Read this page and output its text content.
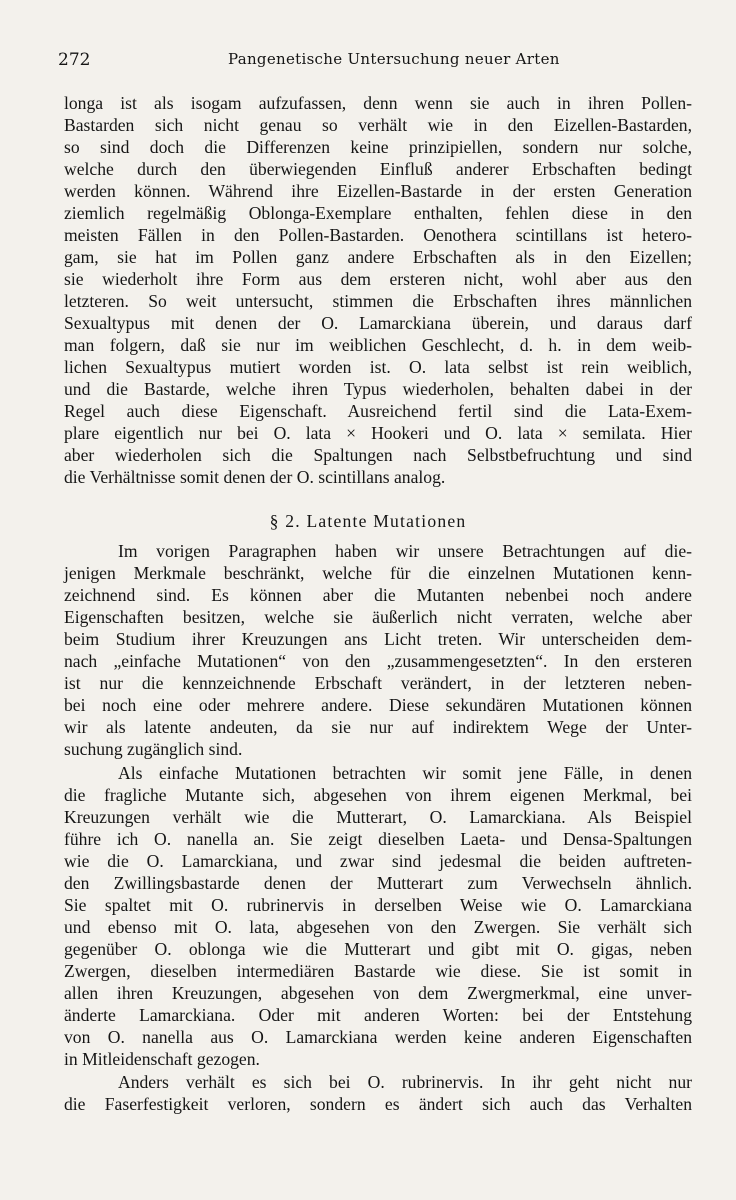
272	Pangenetische Untersuchung neuer Arten
longa ist als isogam aufzufassen, denn wenn sie auch in ihren Pollen-
Bastarden sich nicht genau so verhält wie in den Eizellen-Bastarden,
so sind doch die Differenzen keine prinzipiellen, sondern nur solche,
welche durch den überwiegenden Einfluß anderer Erbschaften bedingt
werden können. Während ihre Eizellen-Bastarde in der ersten Generation
ziemlich regelmäßig Oblonga-Exemplare enthalten, fehlen diese in den
meisten Fällen in den Pollen-Bastarden. Oenothera scintillans ist hetero-
gam, sie hat im Pollen ganz andere Erbschaften als in den Eizellen;
sie wiederholt ihre Form aus dem ersteren nicht, wohl aber aus den
letzteren. So weit untersucht, stimmen die Erbschaften ihres männlichen
Sexualtypus mit denen der O. Lamarckiana überein, und daraus darf
man folgern, daß sie nur im weiblichen Geschlecht, d. h. in dem weib-
lichen Sexualtypus mutiert worden ist. O. lata selbst ist rein weiblich,
und die Bastarde, welche ihren Typus wiederholen, behalten dabei in der
Regel auch diese Eigenschaft. Ausreichend fertil sind die Lata-Exem-
plare eigentlich nur bei O. lata × Hookeri und O. lata × semilata. Hier
aber wiederholen sich die Spaltungen nach Selbstbefruchtung und sind
die Verhältnisse somit denen der O. scintillans analog.
§ 2. Latente Mutationen
Im vorigen Paragraphen haben wir unsere Betrachtungen auf die-
jenigen Merkmale beschränkt, welche für die einzelnen Mutationen kenn-
zeichnend sind. Es können aber die Mutanten nebenbei noch andere
Eigenschaften besitzen, welche sie äußerlich nicht verraten, welche aber
beim Studium ihrer Kreuzungen ans Licht treten. Wir unterscheiden dem-
nach „einfache Mutationen“ von den „zusammengesetzten“. In den ersteren
ist nur die kennzeichnende Erbschaft verändert, in der letzteren neben-
bei noch eine oder mehrere andere. Diese sekundären Mutationen können
wir als latente andeuten, da sie nur auf indirektem Wege der Unter-
suchung zugänglich sind.
Als einfache Mutationen betrachten wir somit jene Fälle, in denen
die fragliche Mutante sich, abgesehen von ihrem eigenen Merkmal, bei
Kreuzungen verhält wie die Mutterart, O. Lamarckiana. Als Beispiel
führe ich O. nanella an. Sie zeigt dieselben Laeta- und Densa-Spaltungen
wie die O. Lamarckiana, und zwar sind jedesmal die beiden auftreten-
den Zwillingsbastarde denen der Mutterart zum Verwechseln ähnlich.
Sie spaltet mit O. rubrinervis in derselben Weise wie O. Lamarckiana
und ebenso mit O. lata, abgesehen von den Zwergen. Sie verhält sich
gegenüber O. oblonga wie die Mutterart und gibt mit O. gigas, neben
Zwergen, dieselben intermediären Bastarde wie diese. Sie ist somit in
allen ihren Kreuzungen, abgesehen von dem Zwergmerkmal, eine unver-
änderte Lamarckiana. Oder mit anderen Worten: bei der Entstehung
von O. nanella aus O. Lamarckiana werden keine anderen Eigenschaften
in Mitleidenschaft gezogen.
Anders verhält es sich bei O. rubrinervis. In ihr geht nicht nur
die Faserfestigkeit verloren, sondern es ändert sich auch das Verhalten
